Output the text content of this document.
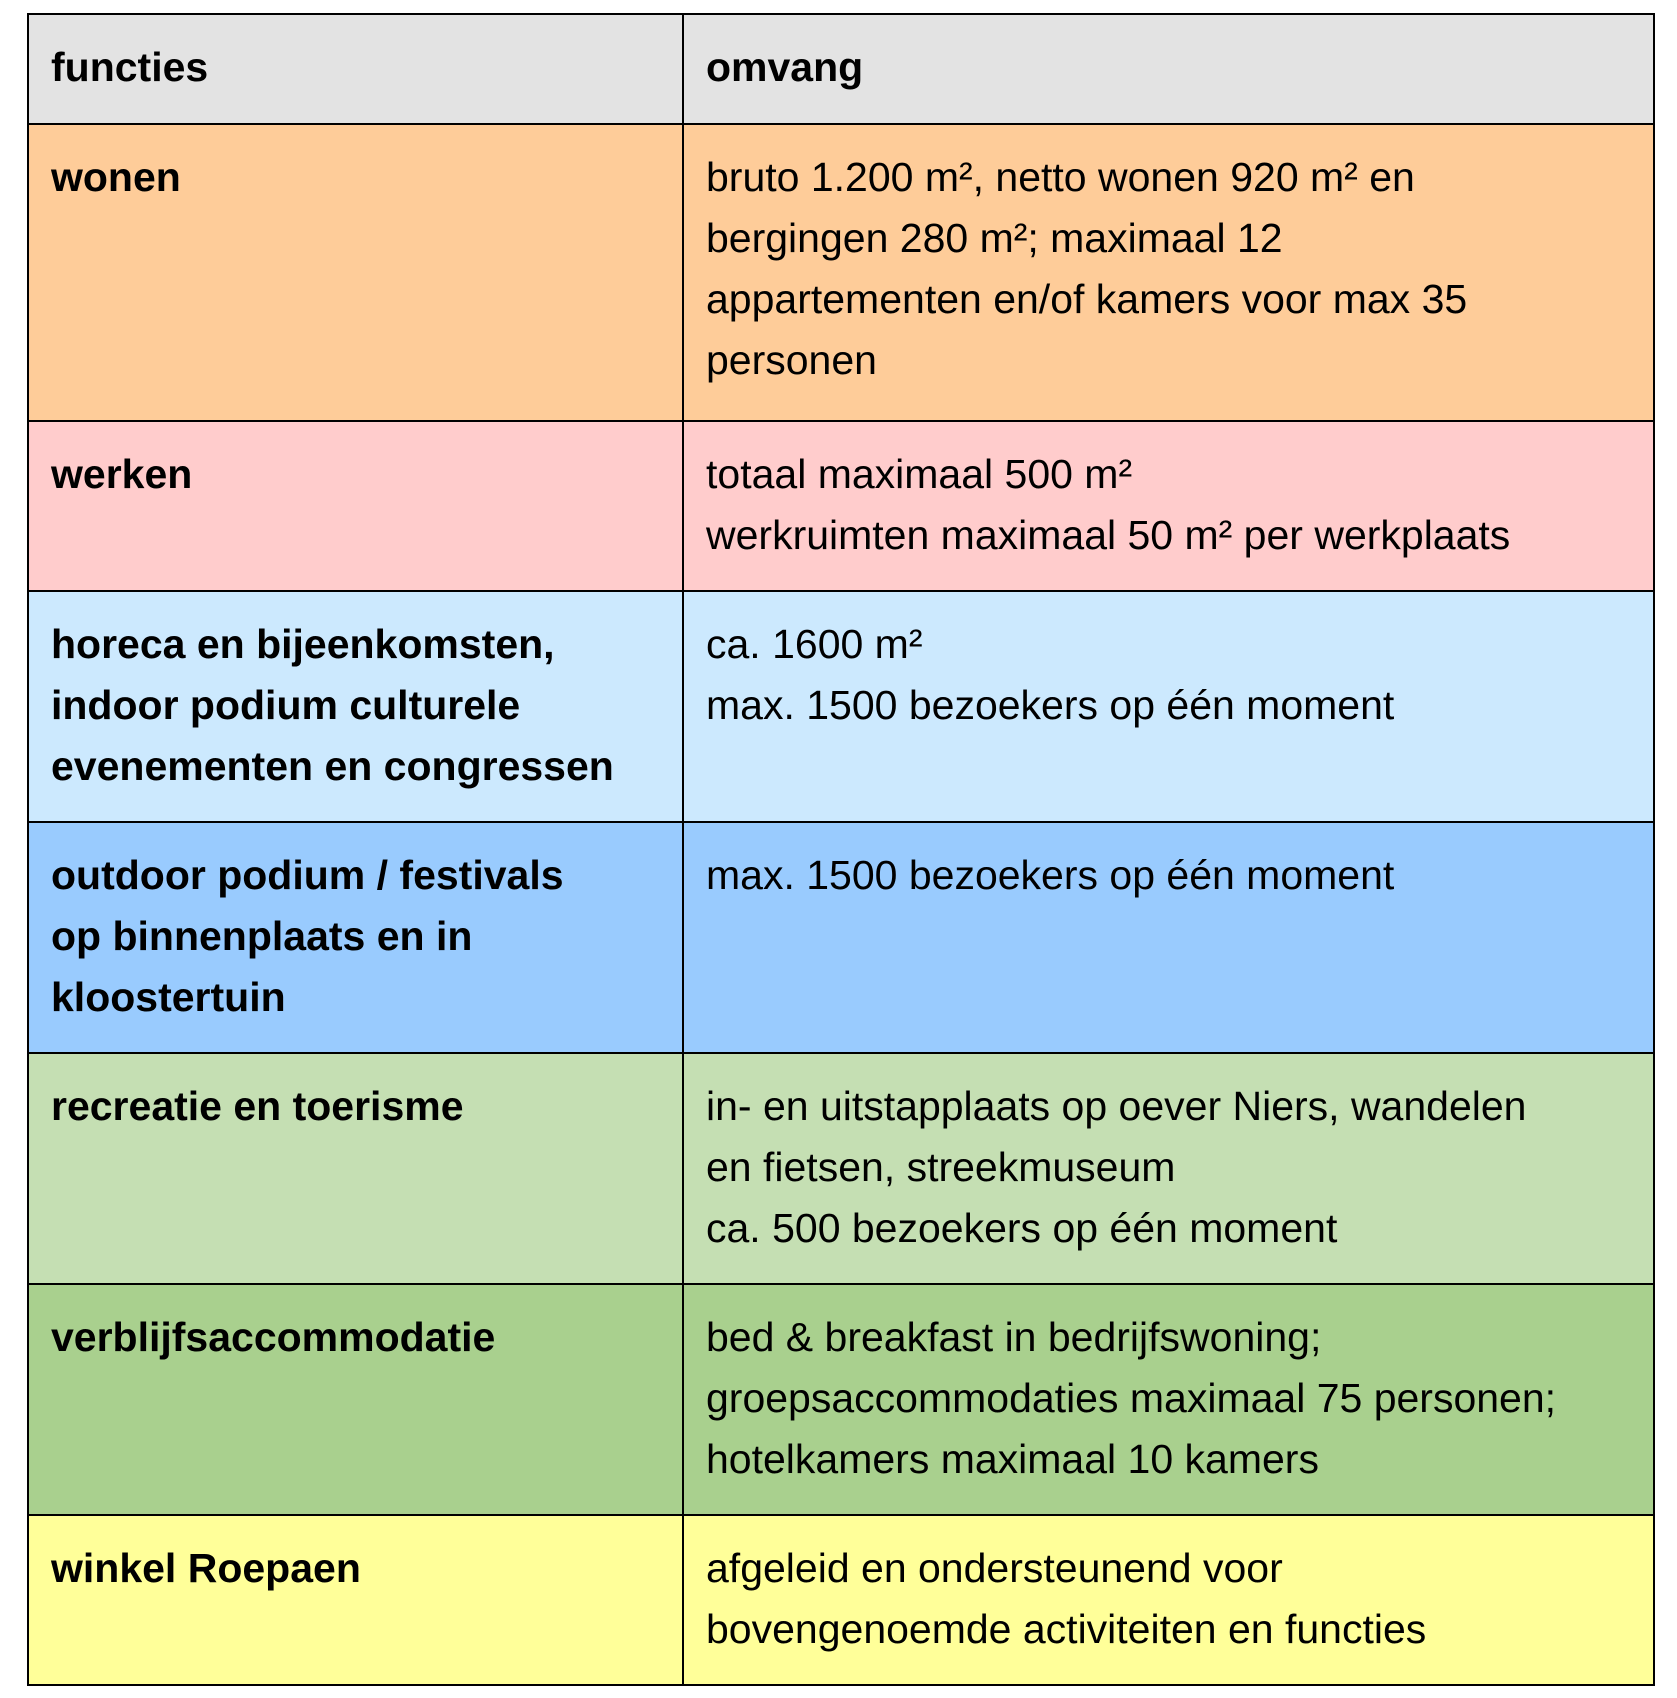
functies	omvang

wonen	bruto 1.200 m², netto wonen 920 m² en
bergingen 280 m²; maximaal 12
appartementen en/of kamers voor max 35
personen

werken	totaal maximaal 500 m²
werkruimten maximaal 50 m² per werkplaats

horeca en bijeenkomsten,
indoor podium culturele
evenementen en congressen	ca. 1600 m²
max. 1500 bezoekers op één moment

outdoor podium / festivals
op binnenplaats en in
kloostertuin	max. 1500 bezoekers op één moment

recreatie en toerisme	in- en uitstapplaats op oever Niers, wandelen
en fietsen, streekmuseum
ca. 500 bezoekers op één moment

verblijfsaccommodatie	bed & breakfast in bedrijfswoning;
groepsaccommodaties maximaal 75 personen;
hotelkamers maximaal 10 kamers

winkel Roepaen	afgeleid en ondersteunend voor
bovengenoemde activiteiten en functies
